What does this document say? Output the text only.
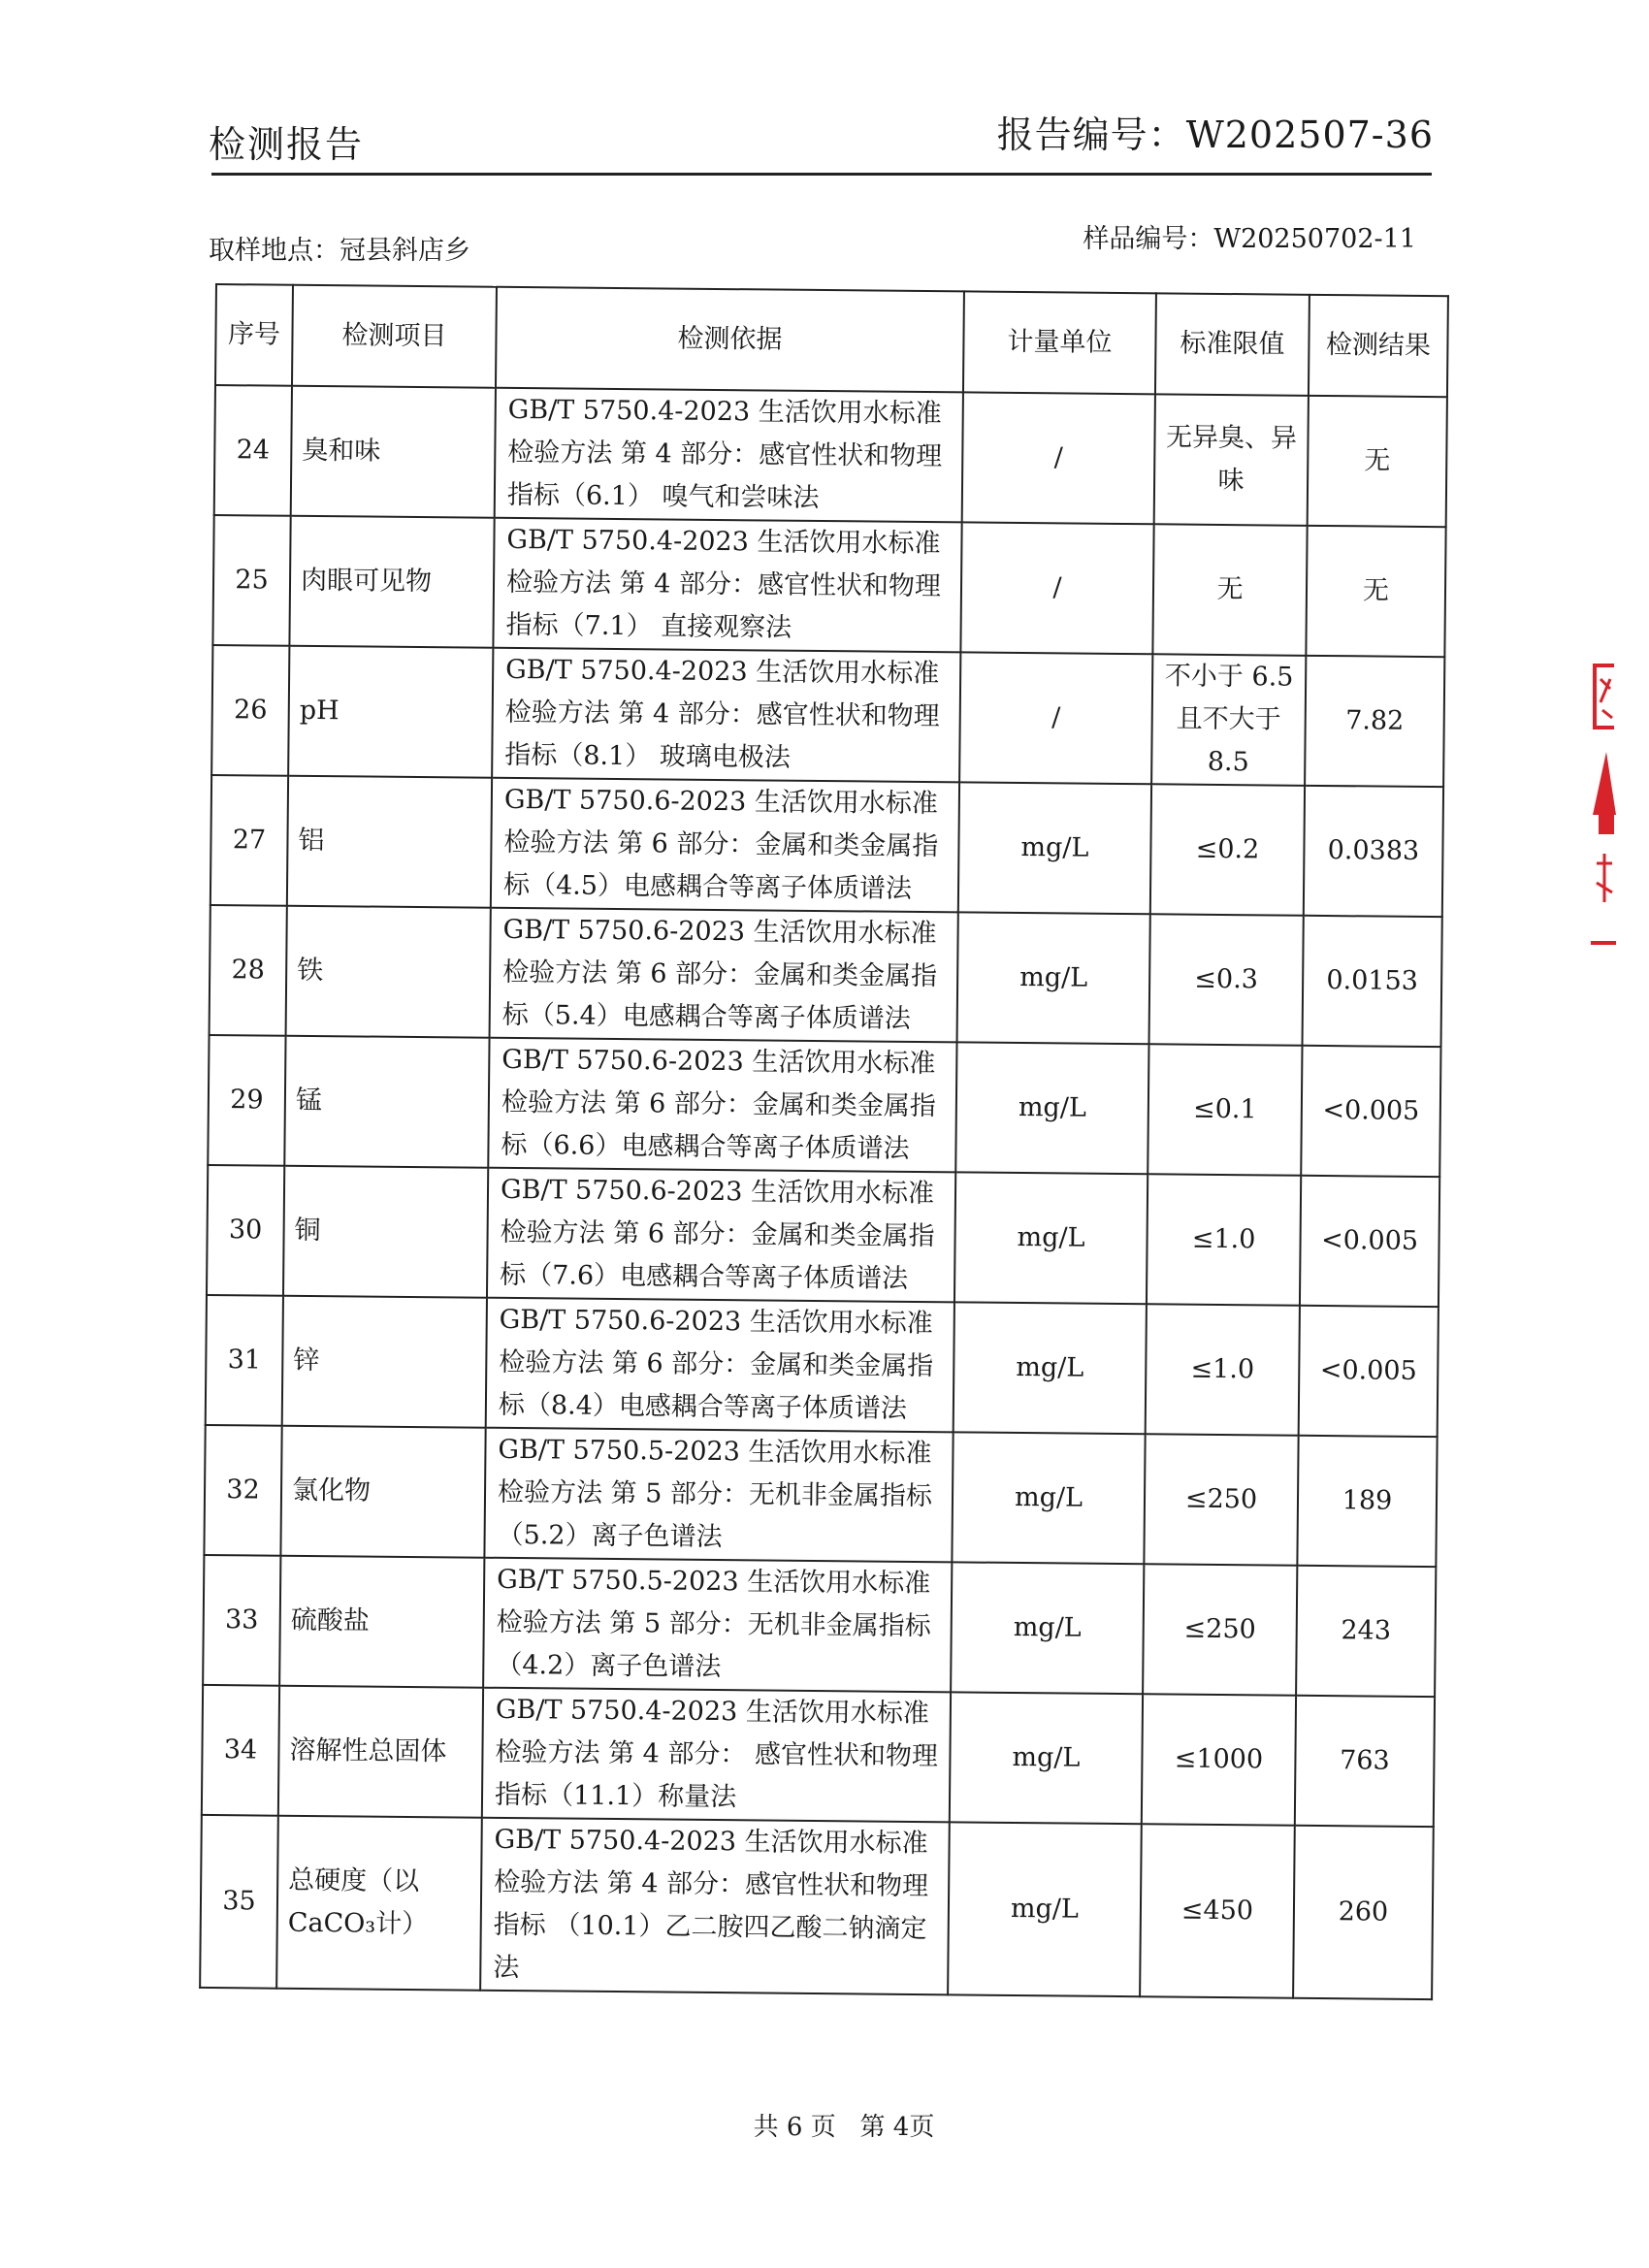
检测报告	报告编号：W202507-36
取样地点：冠县斜店乡	样品编号：W20250702-11
序号	检测项目	检测依据	计量单位	标准限值	检测结果
24	臭和味	GB/T 5750.4-2023 生活饮用水标准检验方法 第 4 部分：感官性状和物理指标（6.1） 嗅气和尝味法	/	无异臭、异味	无
25	肉眼可见物	GB/T 5750.4-2023 生活饮用水标准检验方法 第 4 部分：感官性状和物理指标（7.1） 直接观察法	/	无	无
26	pH	GB/T 5750.4-2023 生活饮用水标准检验方法 第 4 部分：感官性状和物理指标（8.1） 玻璃电极法	/	不小于 6.5 且不大于 8.5	7.82
27	铝	GB/T 5750.6-2023 生活饮用水标准检验方法 第 6 部分：金属和类金属指标（4.5）电感耦合等离子体质谱法	mg/L	≤0.2	0.0383
28	铁	GB/T 5750.6-2023 生活饮用水标准检验方法 第 6 部分：金属和类金属指标（5.4）电感耦合等离子体质谱法	mg/L	≤0.3	0.0153
29	锰	GB/T 5750.6-2023 生活饮用水标准检验方法 第 6 部分：金属和类金属指标（6.6）电感耦合等离子体质谱法	mg/L	≤0.1	<0.005
30	铜	GB/T 5750.6-2023 生活饮用水标准检验方法 第 6 部分：金属和类金属指标（7.6）电感耦合等离子体质谱法	mg/L	≤1.0	<0.005
31	锌	GB/T 5750.6-2023 生活饮用水标准检验方法 第 6 部分：金属和类金属指标（8.4）电感耦合等离子体质谱法	mg/L	≤1.0	<0.005
32	氯化物	GB/T 5750.5-2023 生活饮用水标准检验方法 第 5 部分：无机非金属指标（5.2）离子色谱法	mg/L	≤250	189
33	硫酸盐	GB/T 5750.5-2023 生活饮用水标准检验方法 第 5 部分：无机非金属指标（4.2）离子色谱法	mg/L	≤250	243
34	溶解性总固体	GB/T 5750.4-2023 生活饮用水标准检验方法 第 4 部分： 感官性状和物理指标（11.1）称量法	mg/L	≤1000	763
35	总硬度（以CaCO₃计）	GB/T 5750.4-2023 生活饮用水标准检验方法 第 4 部分：感官性状和物理指标 （10.1）乙二胺四乙酸二钠滴定法	mg/L	≤450	260
共 6 页 第 4页
